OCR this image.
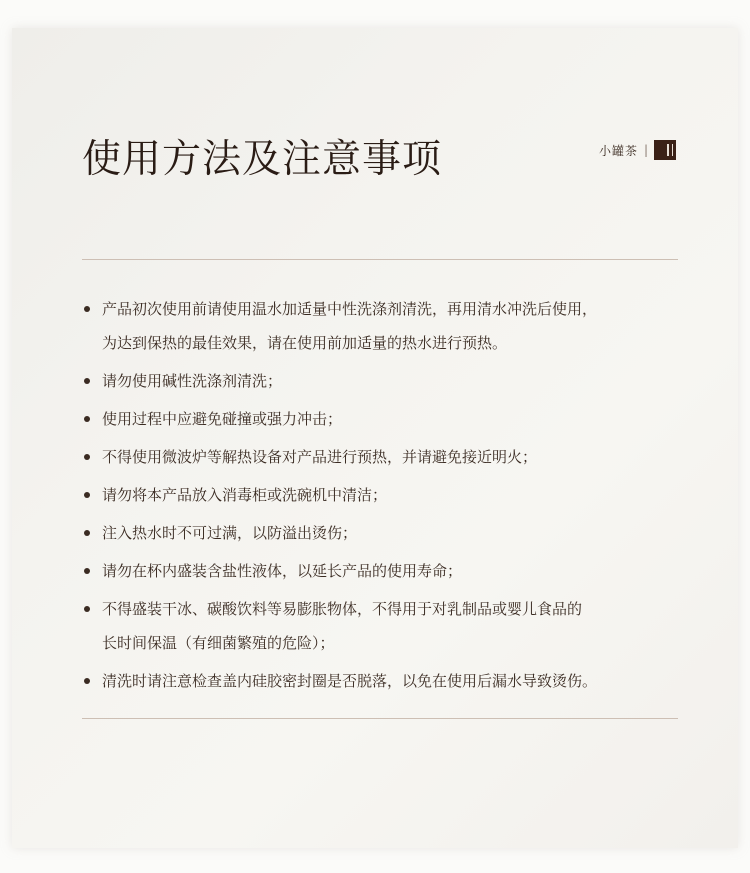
使用方法及注意事项	小罐茶 |
产品初次使用前请使用温水加适量中性洗涤剂清洗，再用清水冲洗后使用，
为达到保热的最佳效果，请在使用前加适量的热水进行预热。
请勿使用碱性洗涤剂清洗；
使用过程中应避免碰撞或强力冲击；
不得使用微波炉等解热设备对产品进行预热，并请避免接近明火；
请勿将本产品放入消毒柜或洗碗机中清洁；
注入热水时不可过满，以防溢出烫伤；
请勿在杯内盛装含盐性液体，以延长产品的使用寿命；
不得盛装干冰、碳酸饮料等易膨胀物体，不得用于对乳制品或婴儿食品的
长时间保温（有细菌繁殖的危险）；
清洗时请注意检查盖内硅胶密封圈是否脱落，以免在使用后漏水导致烫伤。
